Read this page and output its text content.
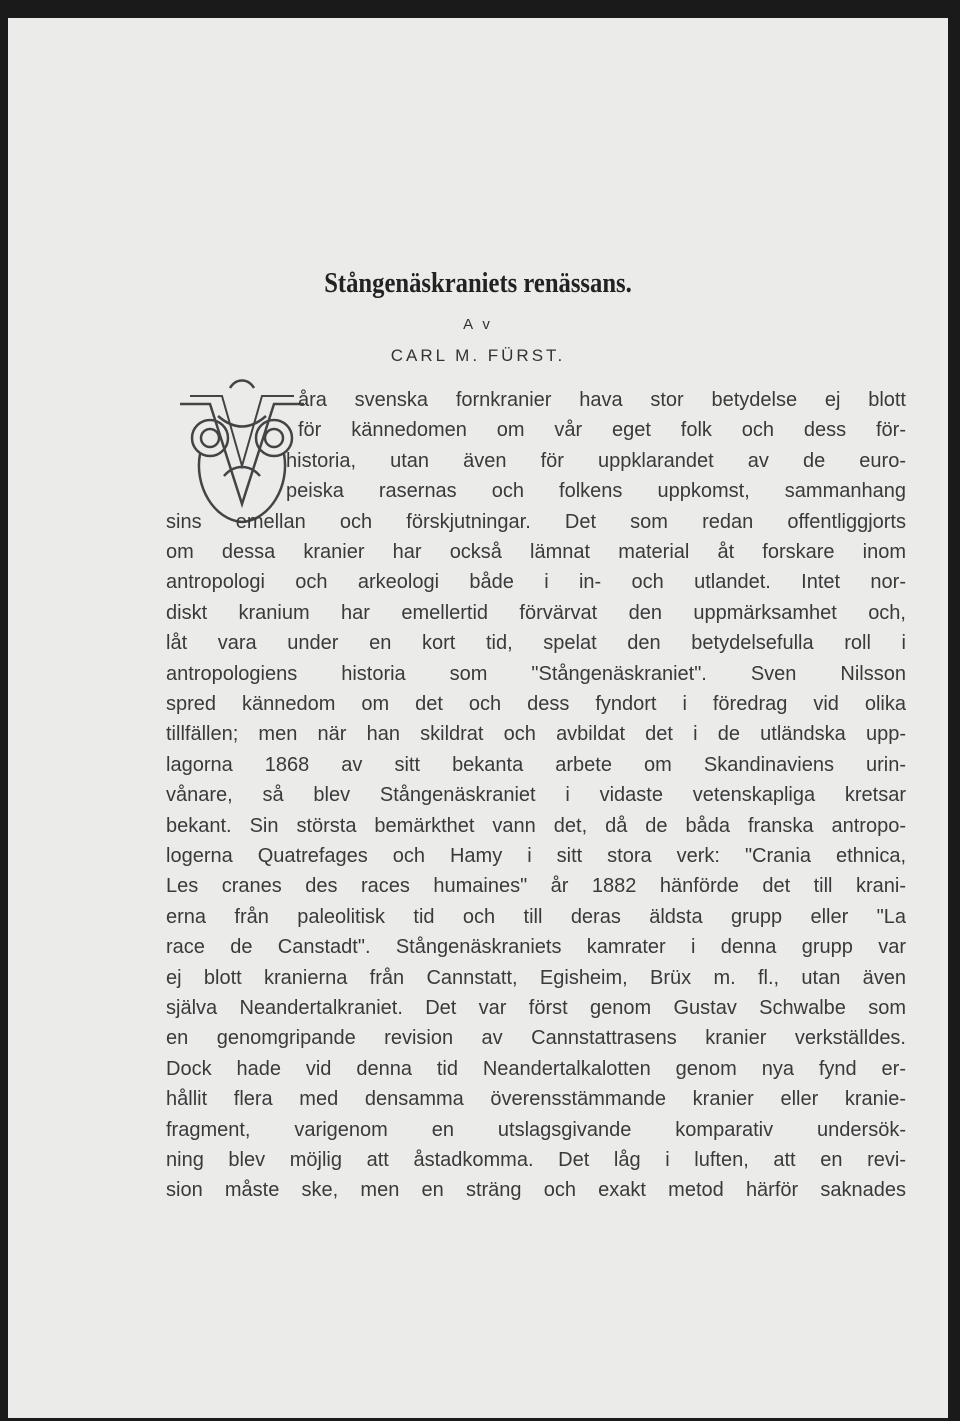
Stångenäskraniets renässans.
A v
CARL M. FÜRST.
åra svenska fornkranier hava stor betydelse ej blott
för kännedomen om vår eget folk och dess för-
historia, utan även för uppklarandet av de euro-
peiska rasernas och folkens uppkomst, sammanhang
sins emellan och förskjutningar. Det som redan offentliggjorts
om dessa kranier har också lämnat material åt forskare inom
antropologi och arkeologi både i in- och utlandet. Intet nor-
diskt kranium har emellertid förvärvat den uppmärksamhet och,
låt vara under en kort tid, spelat den betydelsefulla roll i
antropologiens historia som "Stångenäskraniet". Sven Nilsson
spred kännedom om det och dess fyndort i föredrag vid olika
tillfällen; men när han skildrat och avbildat det i de utländska upp-
lagorna 1868 av sitt bekanta arbete om Skandinaviens urin-
vånare, så blev Stångenäskraniet i vidaste vetenskapliga kretsar
bekant. Sin största bemärkthet vann det, då de båda franska antropo-
logerna Quatrefages och Hamy i sitt stora verk: "Crania ethnica,
Les cranes des races humaines" år 1882 hänförde det till krani-
erna från paleolitisk tid och till deras äldsta grupp eller "La
race de Canstadt". Stångenäskraniets kamrater i denna grupp var
ej blott kranierna från Cannstatt, Egisheim, Brüx m. fl., utan även
själva Neandertalkraniet. Det var först genom Gustav Schwalbe som
en genomgripande revision av Cannstattrasens kranier verkställdes.
Dock hade vid denna tid Neandertalkalotten genom nya fynd er-
hållit flera med densamma överensstämmande kranier eller kranie-
fragment, varigenom en utslagsgivande komparativ undersök-
ning blev möjlig att åstadkomma. Det låg i luften, att en revi-
sion måste ske, men en sträng och exakt metod härför saknades
